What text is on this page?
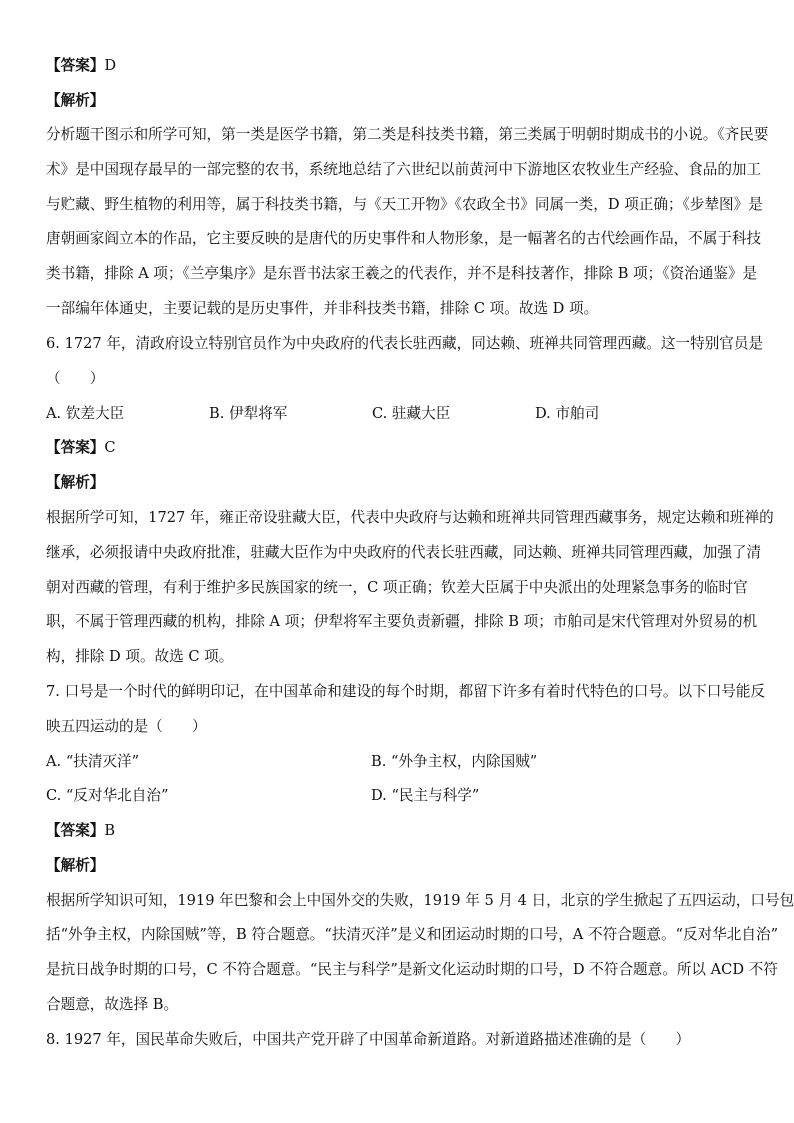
【答案】D
【解析】
分析题干图示和所学可知，第一类是医学书籍，第二类是科技类书籍，第三类属于明朝时期成书的小说。《齐民要
术》是中国现存最早的一部完整的农书，系统地总结了六世纪以前黄河中下游地区农牧业生产经验、食品的加工
与贮藏、野生植物的利用等，属于科技类书籍，与《天工开物》《农政全书》同属一类，D 项正确；《步辇图》是
唐朝画家阎立本的作品，它主要反映的是唐代的历史事件和人物形象，是一幅著名的古代绘画作品，不属于科技
类书籍，排除 A 项；《兰亭集序》是东晋书法家王羲之的代表作，并不是科技著作，排除 B 项；《资治通鉴》是
一部编年体通史，主要记载的是历史事件，并非科技类书籍，排除 C 项。故选 D 项。
6. 1727 年，清政府设立特别官员作为中央政府的代表长驻西藏，同达赖、班禅共同管理西藏。这一特别官员是
（　　）
A. 钦差大臣	B. 伊犁将军	C. 驻藏大臣	D. 市舶司
【答案】C
【解析】
根据所学可知，1727 年，雍正帝设驻藏大臣，代表中央政府与达赖和班禅共同管理西藏事务，规定达赖和班禅的
继承，必须报请中央政府批准，驻藏大臣作为中央政府的代表长驻西藏，同达赖、班禅共同管理西藏，加强了清
朝对西藏的管理，有利于维护多民族国家的统一，C 项正确；钦差大臣属于中央派出的处理紧急事务的临时官
职，不属于管理西藏的机构，排除 A 项；伊犁将军主要负责新疆，排除 B 项；市舶司是宋代管理对外贸易的机
构，排除 D 项。故选 C 项。
7. 口号是一个时代的鲜明印记，在中国革命和建设的每个时期，都留下许多有着时代特色的口号。以下口号能反
映五四运动的是（　　）
A. “扶清灭洋”	B. “外争主权，内除国贼”
C. “反对华北自治”	D. “民主与科学”
【答案】B
【解析】
根据所学知识可知，1919 年巴黎和会上中国外交的失败，1919 年 5 月 4 日，北京的学生掀起了五四运动，口号包
括“外争主权，内除国贼”等，B 符合题意。“扶清灭洋”是义和团运动时期的口号，A 不符合题意。“反对华北自治”
是抗日战争时期的口号，C 不符合题意。“民主与科学”是新文化运动时期的口号，D 不符合题意。所以 ACD 不符
合题意，故选择 B。
8. 1927 年，国民革命失败后，中国共产党开辟了中国革命新道路。对新道路描述准确的是（　　）
